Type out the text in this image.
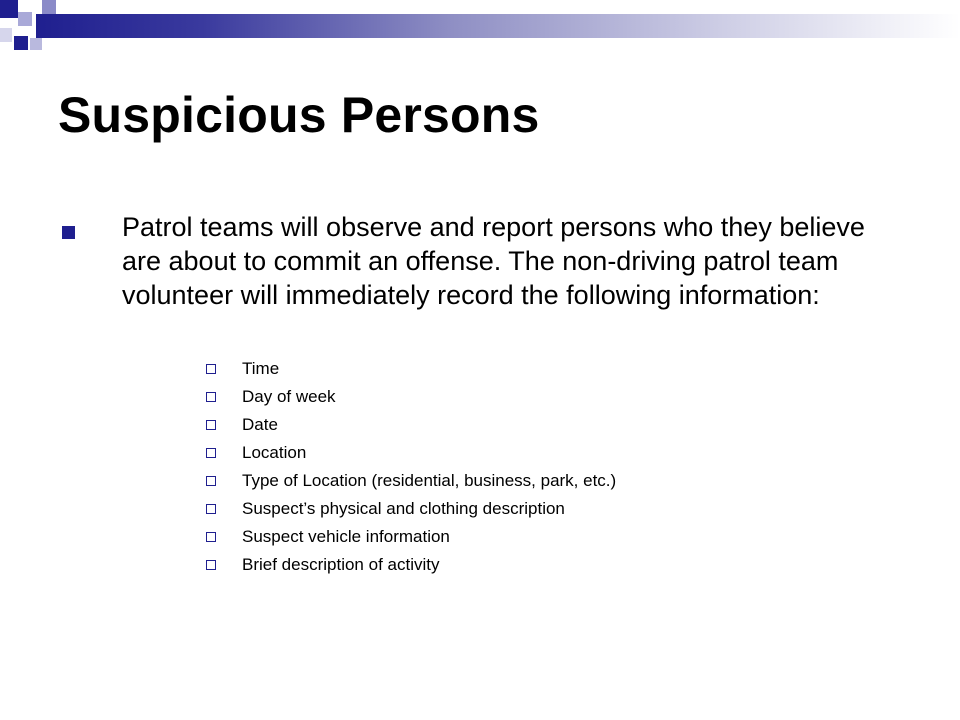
Suspicious Persons

Patrol teams will observe and report persons who they believe are about to commit an offense. The non-driving patrol team volunteer will immediately record the following information:

Time
Day of week
Date
Location
Type of Location (residential, business, park, etc.)
Suspect’s physical and clothing description
Suspect vehicle information
Brief description of activity
